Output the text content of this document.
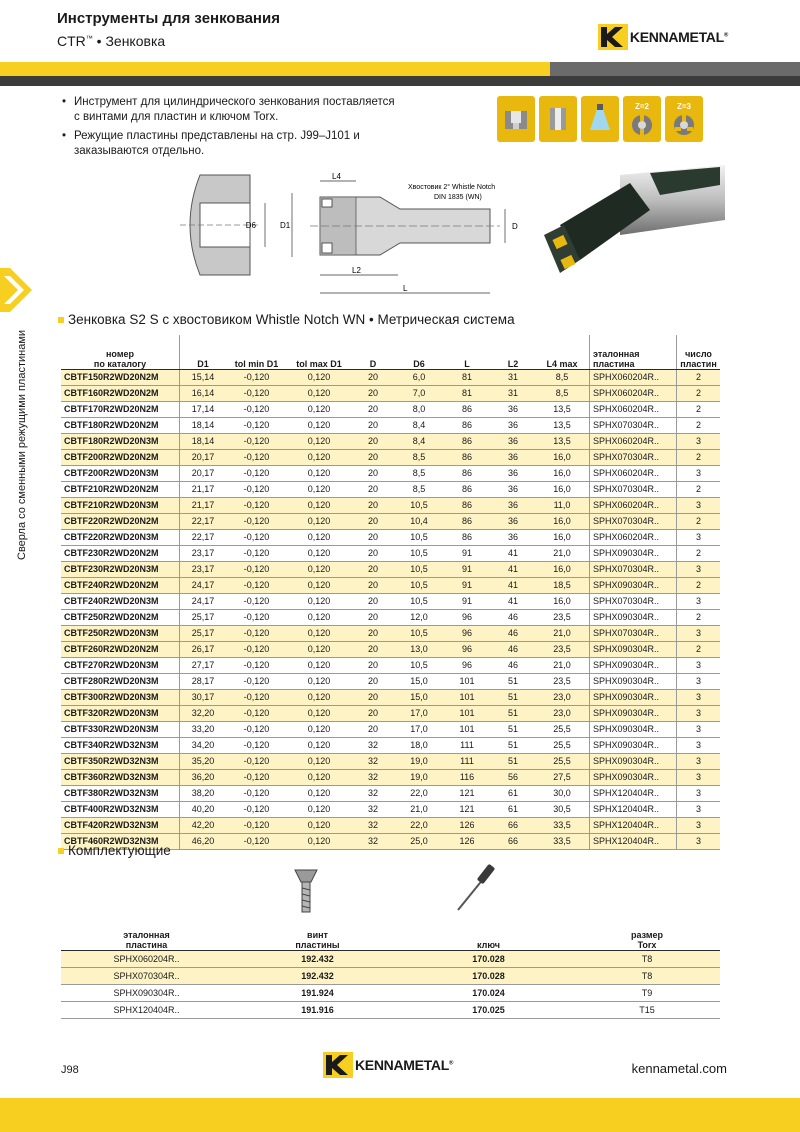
Инструменты для зенкования
CTR™ • Зенковка	KENNAMETAL®
Сверла со сменными режущими пластинами
• Инструмент для цилиндрического зенкования поставляется с винтами для пластин и ключом Torx.
• Режущие пластины представлены на стр. J99–J101 и заказываются отдельно.
Z=2	Z=3
D6	D1
L4
L2
L
D
Хвостовик 2° Whistle Notch
DIN 1835 (WN)
Зенковка S2 S с хвостовиком Whistle Notch WN • Метрическая система
номер
по каталогу	D1	tol min D1	tol max D1	D	D6	L	L2	L4 max	эталонная
пластина	число
пластин
CBTF150R2WD20N2M	15,14	-0,120	0,120	20	6,0	81	31	8,5	SPHX060204R..	2
CBTF160R2WD20N2M	16,14	-0,120	0,120	20	7,0	81	31	8,5	SPHX060204R..	2
CBTF170R2WD20N2M	17,14	-0,120	0,120	20	8,0	86	36	13,5	SPHX060204R..	2
CBTF180R2WD20N2M	18,14	-0,120	0,120	20	8,4	86	36	13,5	SPHX070304R..	2
CBTF180R2WD20N3M	18,14	-0,120	0,120	20	8,4	86	36	13,5	SPHX060204R..	3
CBTF200R2WD20N2M	20,17	-0,120	0,120	20	8,5	86	36	16,0	SPHX070304R..	2
CBTF200R2WD20N3M	20,17	-0,120	0,120	20	8,5	86	36	16,0	SPHX060204R..	3
CBTF210R2WD20N2M	21,17	-0,120	0,120	20	8,5	86	36	16,0	SPHX070304R..	2
CBTF210R2WD20N3M	21,17	-0,120	0,120	20	10,5	86	36	11,0	SPHX060204R..	3
CBTF220R2WD20N2M	22,17	-0,120	0,120	20	10,4	86	36	16,0	SPHX070304R..	2
CBTF220R2WD20N3M	22,17	-0,120	0,120	20	10,5	86	36	16,0	SPHX060204R..	3
CBTF230R2WD20N2M	23,17	-0,120	0,120	20	10,5	91	41	21,0	SPHX090304R..	2
CBTF230R2WD20N3M	23,17	-0,120	0,120	20	10,5	91	41	16,0	SPHX070304R..	3
CBTF240R2WD20N2M	24,17	-0,120	0,120	20	10,5	91	41	18,5	SPHX090304R..	2
CBTF240R2WD20N3M	24,17	-0,120	0,120	20	10,5	91	41	16,0	SPHX070304R..	3
CBTF250R2WD20N2M	25,17	-0,120	0,120	20	12,0	96	46	23,5	SPHX090304R..	2
CBTF250R2WD20N3M	25,17	-0,120	0,120	20	10,5	96	46	21,0	SPHX070304R..	3
CBTF260R2WD20N2M	26,17	-0,120	0,120	20	13,0	96	46	23,5	SPHX090304R..	2
CBTF270R2WD20N3M	27,17	-0,120	0,120	20	10,5	96	46	21,0	SPHX090304R..	3
CBTF280R2WD20N3M	28,17	-0,120	0,120	20	15,0	101	51	23,5	SPHX090304R..	3
CBTF300R2WD20N3M	30,17	-0,120	0,120	20	15,0	101	51	23,0	SPHX090304R..	3
CBTF320R2WD20N3M	32,20	-0,120	0,120	20	17,0	101	51	23,0	SPHX090304R..	3
CBTF330R2WD20N3M	33,20	-0,120	0,120	20	17,0	101	51	25,5	SPHX090304R..	3
CBTF340R2WD32N3M	34,20	-0,120	0,120	32	18,0	111	51	25,5	SPHX090304R..	3
CBTF350R2WD32N3M	35,20	-0,120	0,120	32	19,0	111	51	25,5	SPHX090304R..	3
CBTF360R2WD32N3M	36,20	-0,120	0,120	32	19,0	116	56	27,5	SPHX090304R..	3
CBTF380R2WD32N3M	38,20	-0,120	0,120	32	22,0	121	61	30,0	SPHX120404R..	3
CBTF400R2WD32N3M	40,20	-0,120	0,120	32	21,0	121	61	30,5	SPHX120404R..	3
CBTF420R2WD32N3M	42,20	-0,120	0,120	32	22,0	126	66	33,5	SPHX120404R..	3
CBTF460R2WD32N3M	46,20	-0,120	0,120	32	25,0	126	66	33,5	SPHX120404R..	3
Комплектующие
эталонная
пластина	винт
пластины	ключ	размер
Torx
SPHX060204R..	192.432	170.028	T8
SPHX070304R..	192.432	170.028	T8
SPHX090304R..	191.924	170.024	T9
SPHX120404R..	191.916	170.025	T15
J98	KENNAMETAL®	kennametal.com
